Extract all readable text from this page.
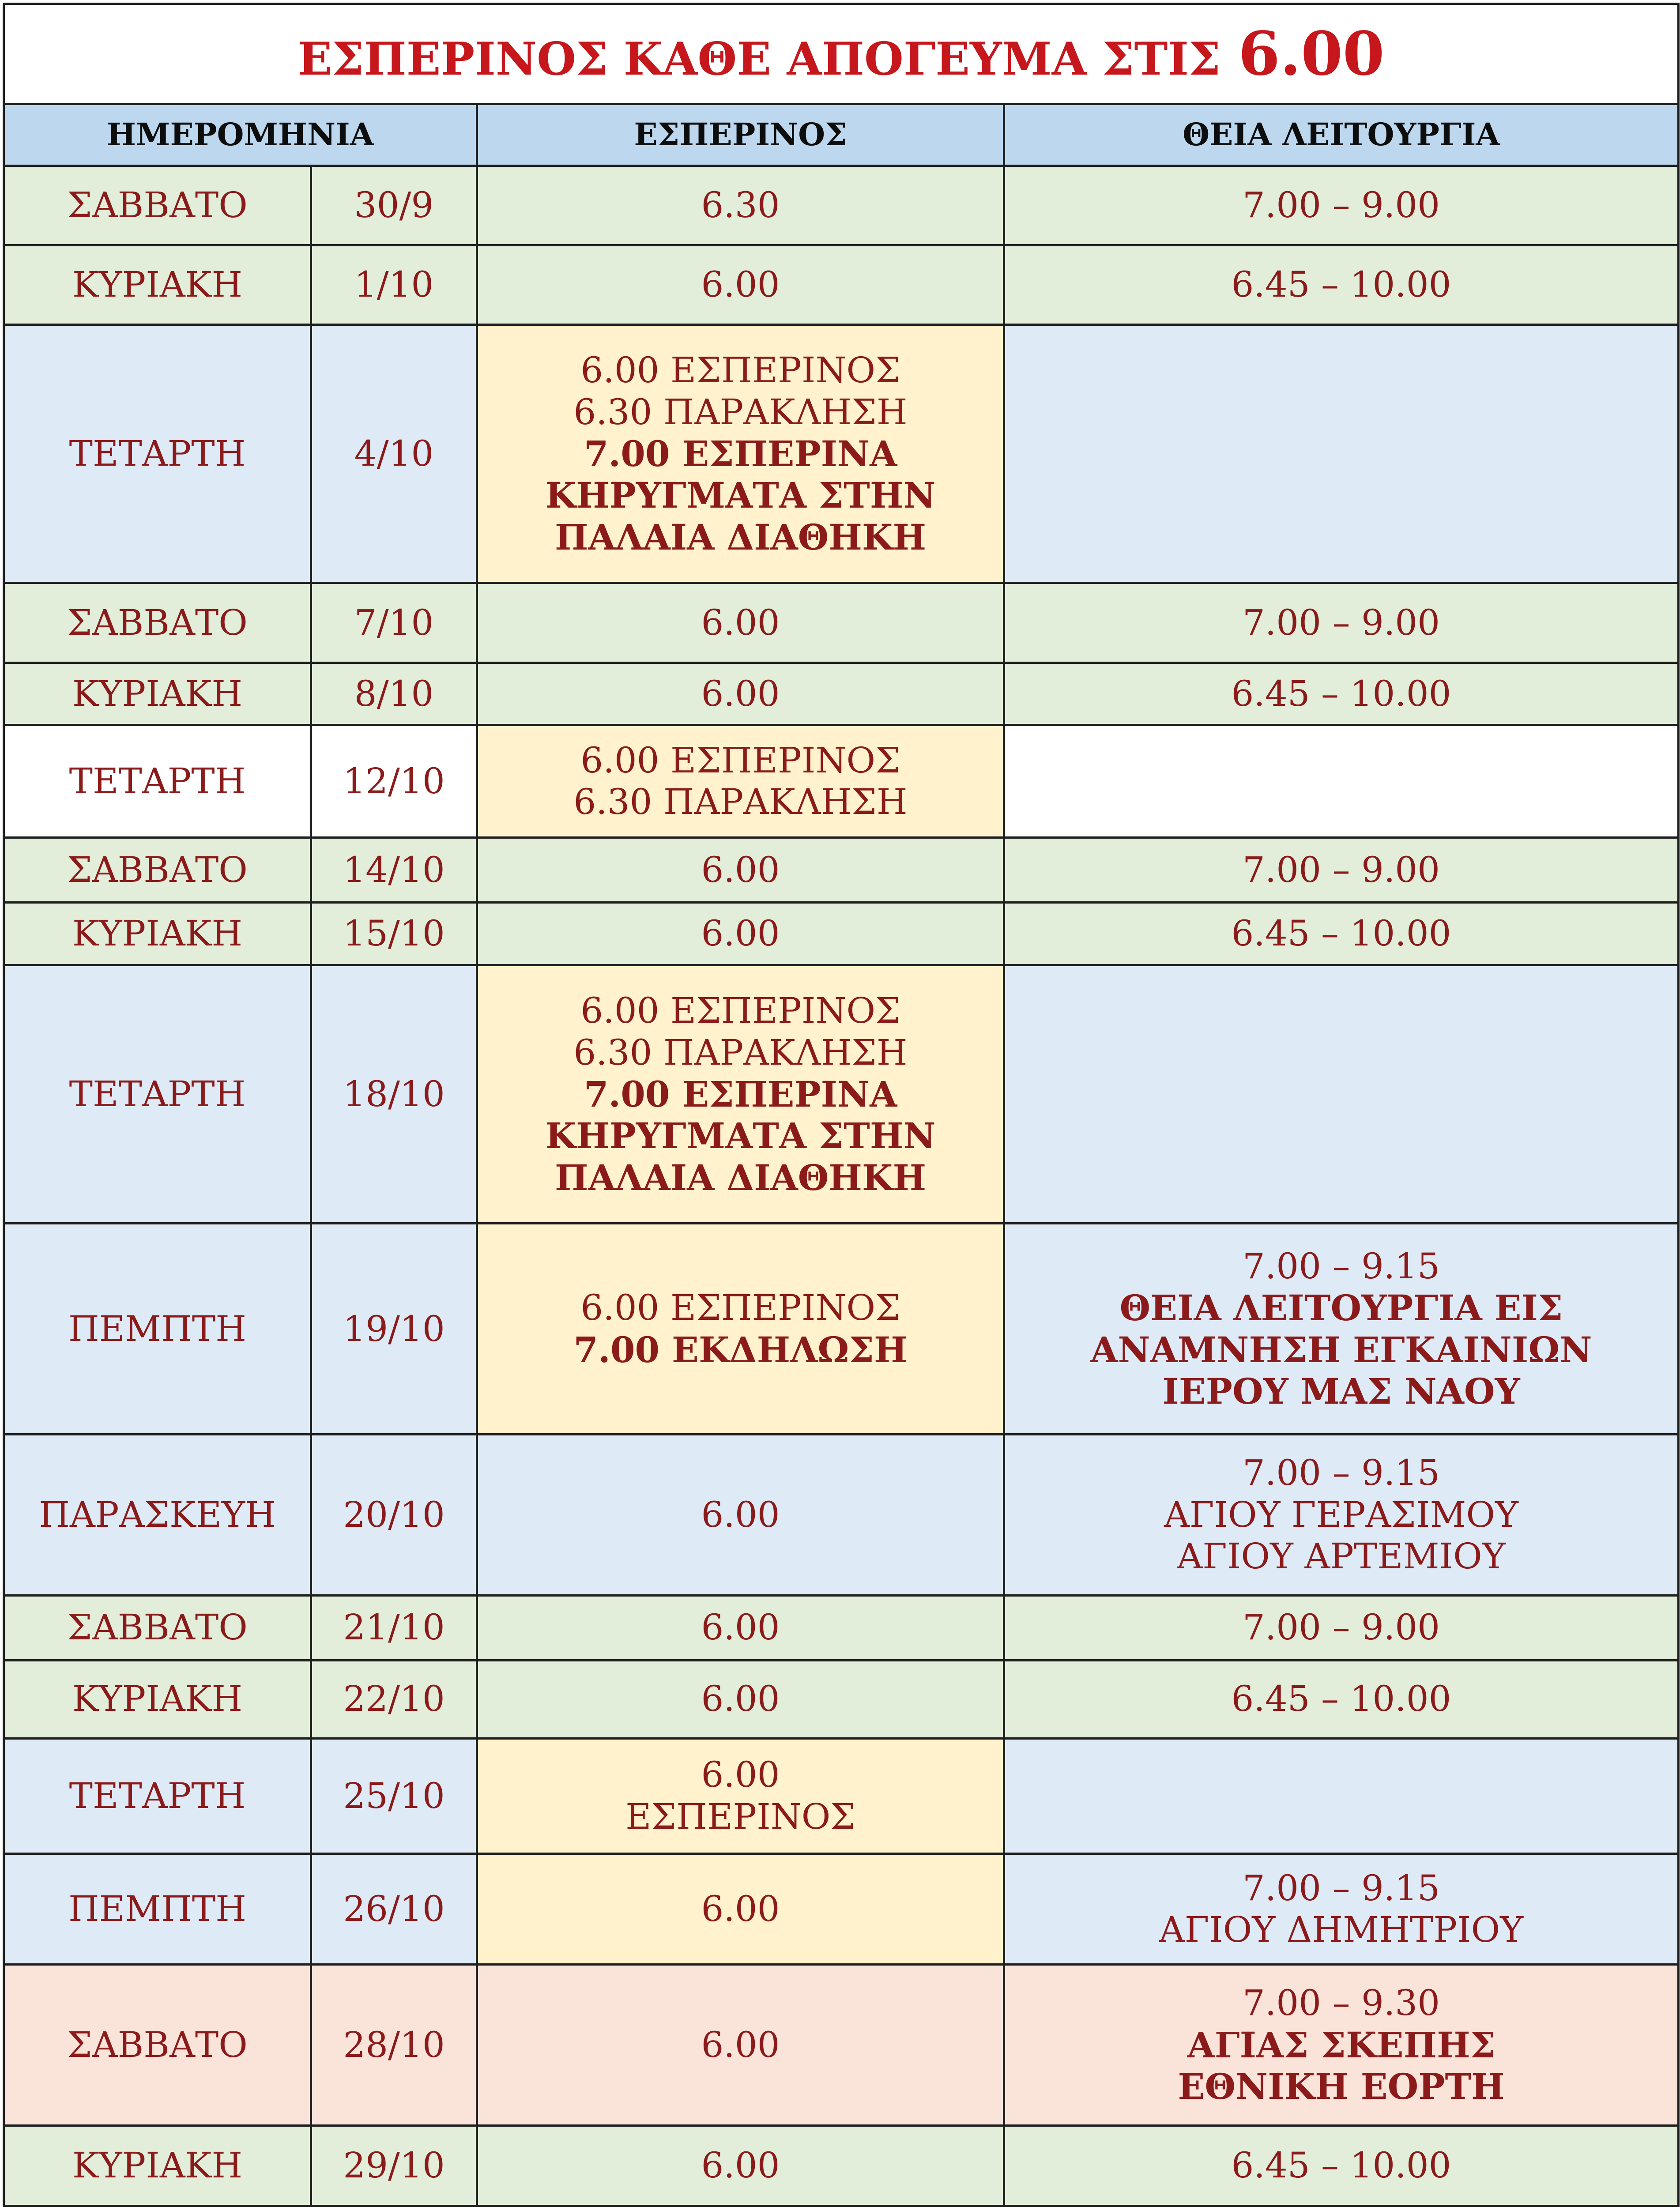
ΕΣΠΕΡΙΝΟΣ ΚΑΘΕ ΑΠΟΓΕΥΜΑ ΣΤΙΣ 6.00			
ΗΜΕΡΟΜΗΝΙΑ		ΕΣΠΕΡΙΝΟΣ	ΘΕΙΑ ΛΕΙΤΟΥΡΓΙΑ
ΣΑΒΒΑΤΟ	30/9	6.30	7.00 – 9.00

ΚΥΡΙΑΚΗ	1/10	6.00	6.45 – 10.00

ΤΕΤΑΡΤΗ	4/10	6.00 ΕΣΠΕΡΙΝΟΣ
6.30 ΠΑΡΑΚΛΗΣΗ
7.00 ΕΣΠΕΡΙΝΑ
ΚΗΡΥΓΜΑΤΑ ΣΤΗΝ
ΠΑΛΑΙΑ ΔΙΑΘΗΚΗ	

ΣΑΒΒΑΤΟ	7/10	6.00	7.00 – 9.00

ΚΥΡΙΑΚΗ	8/10	6.00	6.45 – 10.00

ΤΕΤΑΡΤΗ	12/10	6.00 ΕΣΠΕΡΙΝΟΣ
6.30 ΠΑΡΑΚΛΗΣΗ	

ΣΑΒΒΑΤΟ	14/10	6.00	7.00 – 9.00

ΚΥΡΙΑΚΗ	15/10	6.00	6.45 – 10.00

ΤΕΤΑΡΤΗ	18/10	6.00 ΕΣΠΕΡΙΝΟΣ
6.30 ΠΑΡΑΚΛΗΣΗ
7.00 ΕΣΠΕΡΙΝΑ
ΚΗΡΥΓΜΑΤΑ ΣΤΗΝ
ΠΑΛΑΙΑ ΔΙΑΘΗΚΗ	

ΠΕΜΠΤΗ	19/10	6.00 ΕΣΠΕΡΙΝΟΣ
7.00 ΕΚΔΗΛΩΣΗ	7.00 – 9.15
ΘΕΙΑ ΛΕΙΤΟΥΡΓΙΑ ΕΙΣ
ΑΝΑΜΝΗΣΗ ΕΓΚΑΙΝΙΩΝ
ΙΕΡΟΥ ΜΑΣ ΝΑΟΥ

ΠΑΡΑΣΚΕΥΗ	20/10	6.00	7.00 – 9.15
ΑΓΙΟΥ ΓΕΡΑΣΙΜΟΥ
ΑΓΙΟΥ ΑΡΤΕΜΙΟΥ

ΣΑΒΒΑΤΟ	21/10	6.00	7.00 – 9.00

ΚΥΡΙΑΚΗ	22/10	6.00	6.45 – 10.00

ΤΕΤΑΡΤΗ	25/10	6.00
ΕΣΠΕΡΙΝΟΣ	

ΠΕΜΠΤΗ	26/10	6.00	7.00 – 9.15
ΑΓΙΟΥ ΔΗΜΗΤΡΙΟΥ

ΣΑΒΒΑΤΟ	28/10	6.00	7.00 – 9.30
ΑΓΙΑΣ ΣΚΕΠΗΣ
ΕΘΝΙΚΗ ΕΟΡΤΗ

ΚΥΡΙΑΚΗ	29/10	6.00	6.45 – 10.00
